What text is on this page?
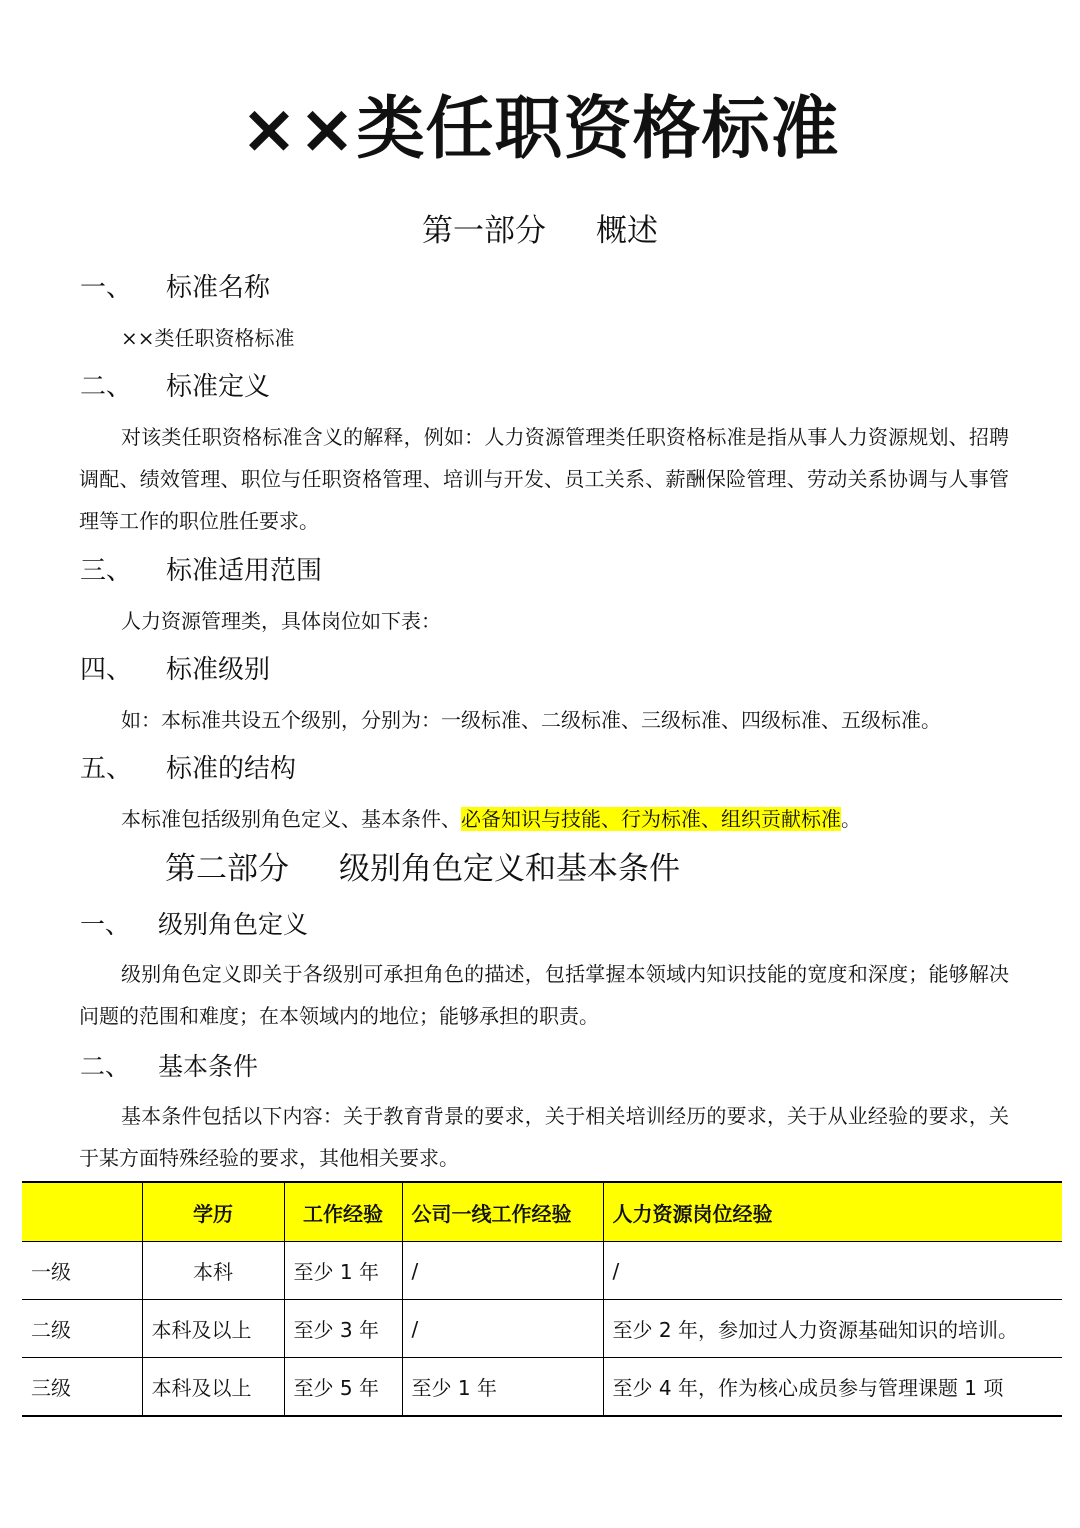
××类任职资格标准
第一部分 概述
一、 标准名称

××类任职资格标准

二、 标准定义

对该类任职资格标准含义的解释，例如：人力资源管理类任职资格标准是指从事人力资源规划、招聘调配、绩效管理、职位与任职资格管理、培训与开发、员工关系、薪酬保险管理、劳动关系协调与人事管理等工作的职位胜任要求。

三、 标准适用范围

人力资源管理类，具体岗位如下表：

四、 标准级别

如：本标准共设五个级别，分别为：一级标准、二级标准、三级标准、四级标准、五级标准。

五、 标准的结构

本标准包括级别角色定义、基本条件、必备知识与技能、行为标准、组织贡献标准。

第二部分 级别角色定义和基本条件
一、 级别角色定义

级别角色定义即关于各级别可承担角色的描述，包括掌握本领域内知识技能的宽度和深度；能够解决问题的范围和难度；在本领域内的地位；能够承担的职责。

二、 基本条件

基本条件包括以下内容：关于教育背景的要求，关于相关培训经历的要求，关于从业经验的要求，关于某方面特殊经验的要求，其他相关要求。

	学历	工作经验	公司一线工作经验	人力资源岗位经验
一级	本科	至少 1 年	/	/
二级	本科及以上	至少 3 年	/	至少 2 年，参加过人力资源基础知识的培训。
三级	本科及以上	至少 5 年	至少 1 年	至少 4 年，作为核心成员参与管理课题 1 项
